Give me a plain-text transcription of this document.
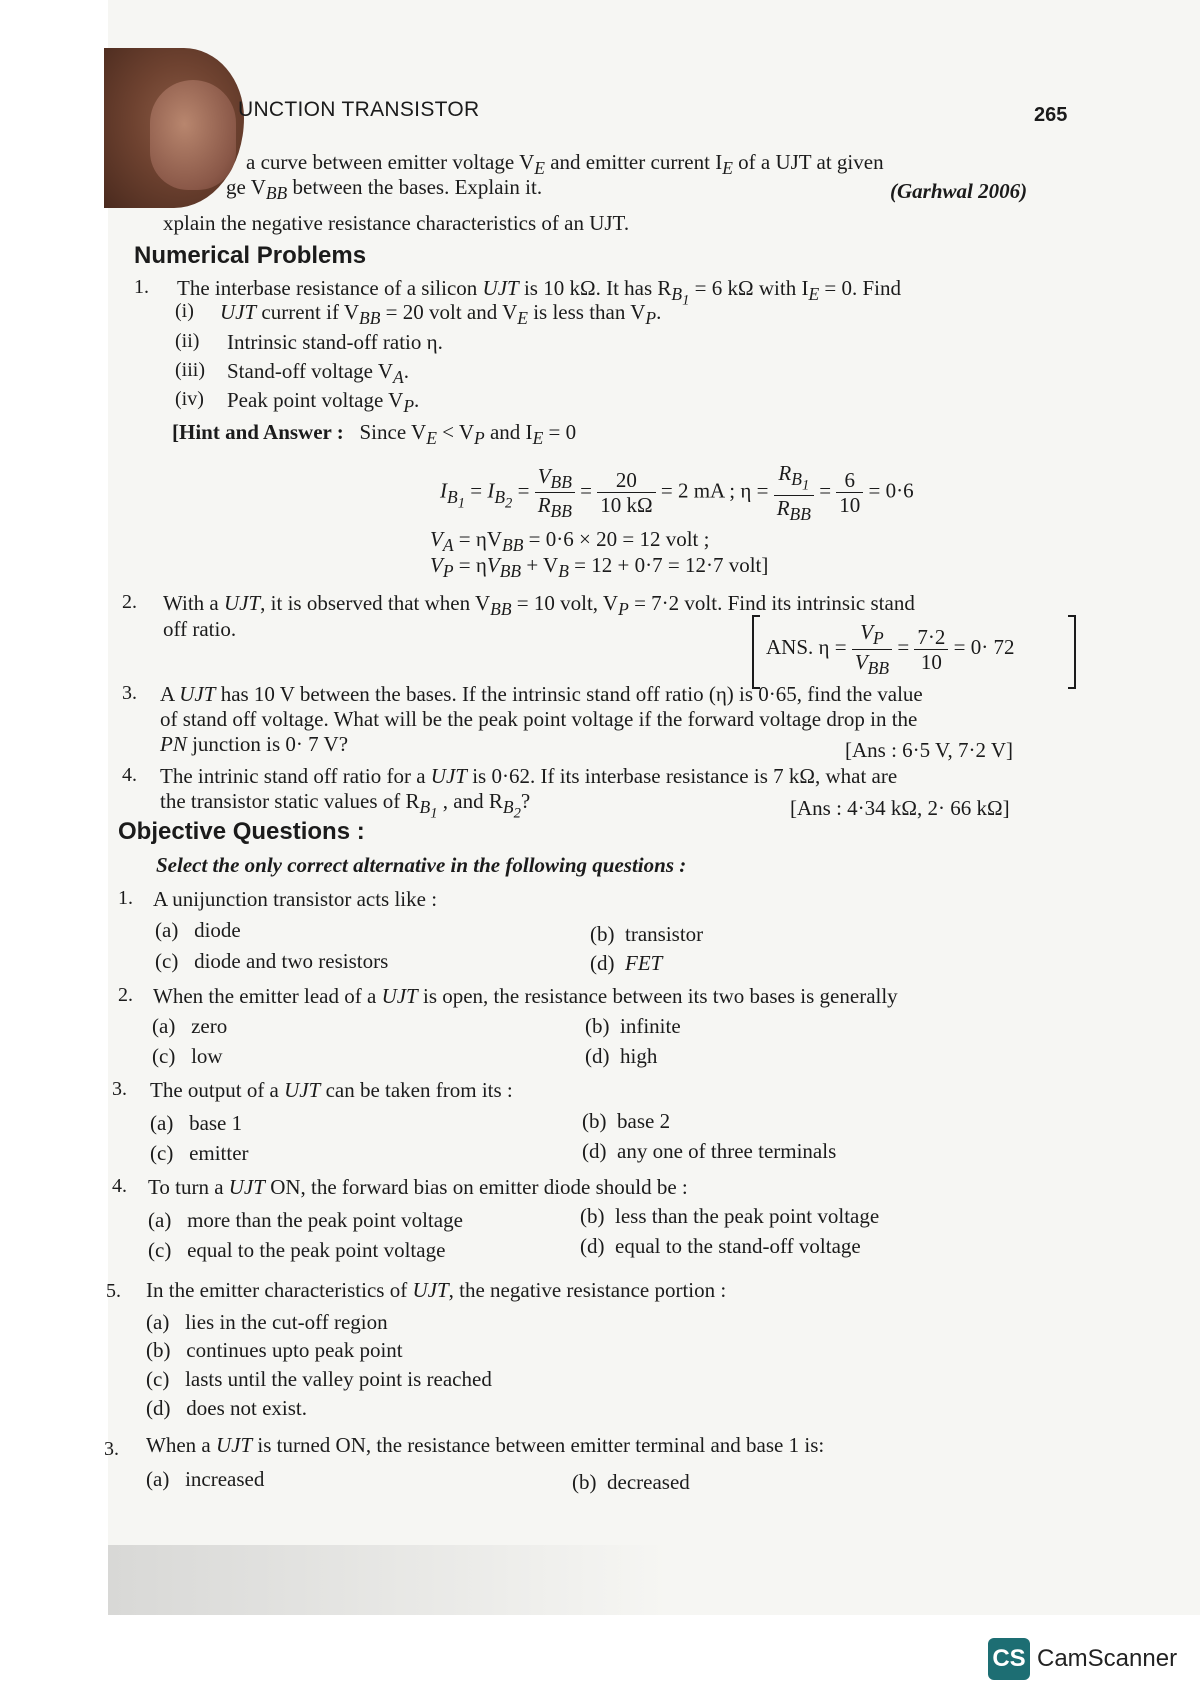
UNCTION TRANSISTOR	265
a curve between emitter voltage $V_E$ and emitter current $I_E$ of a UJT at given
ge $V_{BB}$ between the bases. Explain it.	(Garhwal 2006)
xplain the negative resistance characteristics of an UJT.
Numerical Problems
1. The interbase resistance of a silicon UJT is 10 kΩ. It has $R_{B_1} = 6$ kΩ with $I_E = 0$. Find
(i) UJT current if $V_{BB} = 20$ volt and $V_E$ is less than $V_P$.
(ii) Intrinsic stand-off ratio η.
(iii) Stand-off voltage $V_A$.
(iv) Peak point voltage $V_P$.
[Hint and Answer : Since $V_E < V_P$ and $I_E = 0$
$I_{B_1} = I_{B_2} = \frac{V_{BB}}{R_{BB}} = \frac{20}{10 k\Omega} = 2$ mA ; $\eta = \frac{R_{B_1}}{R_{BB}} = \frac{6}{10} = 0\cdot 6$
$V_A = \eta V_{BB} = 0\cdot 6 \times 20 = 12$ volt ;
$V_P = \eta V_{BB} + V_B = 12 + 0\cdot 7 = 12\cdot 7$ volt]
2. With a UJT, it is observed that when $V_{BB} = 10$ volt, $V_P = 7\cdot 2$ volt. Find its intrinsic stand
off ratio.
ANS. $\eta = \frac{V_P}{V_{BB}} = \frac{7\cdot 2}{10} = 0\cdot 72$
3. A UJT has 10 V between the bases. If the intrinsic stand off ratio (η) is 0·65, find the value
of stand off voltage. What will be the peak point voltage if the forward voltage drop in the
PN junction is 0· 7 V?	[Ans : 6·5 V, 7·2 V]
4. The intrinic stand off ratio for a UJT is 0·62. If its interbase resistance is 7 kΩ, what are
the transistor static values of $R_{B_1}$ , and $R_{B_2}$?	[Ans : 4·34 kΩ, 2· 66 kΩ]
Objective Questions :
Select the only correct alternative in the following questions :
1. A unijunction transistor acts like :
(a) diode	(b) transistor
(c) diode and two resistors	(d) FET
2. When the emitter lead of a UJT is open, the resistance between its two bases is generally
(a) zero	(b) infinite
(c) low	(d) high
3. The output of a UJT can be taken from its :
(a) base 1	(b) base 2
(c) emitter	(d) any one of three terminals
4. To turn a UJT ON, the forward bias on emitter diode should be :
(a) more than the peak point voltage	(b) less than the peak point voltage
(c) equal to the peak point voltage	(d) equal to the stand-off voltage
5. In the emitter characteristics of UJT, the negative resistance portion :
(a) lies in the cut-off region
(b) continues upto peak point
(c) lasts until the valley point is reached
(d) does not exist.
3. When a UJT is turned ON, the resistance between emitter terminal and base 1 is:
(a) increased	(b) decreased
CS CamScanner
